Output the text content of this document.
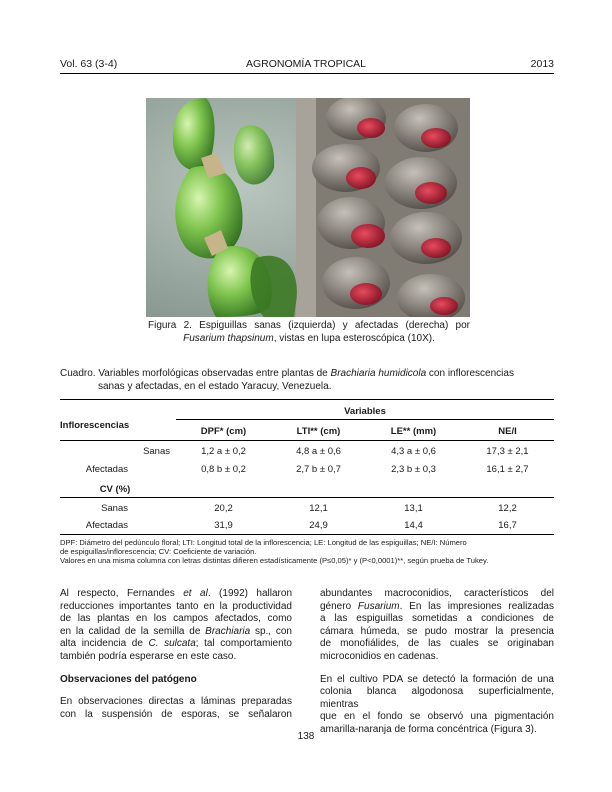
Vol. 63 (3-4)	AGRONOMÍA TROPICAL	2013
Figura 2. Espiguillas sanas (izquierda) y afectadas (derecha) por
Fusarium thapsinum, vistas en lupa esteroscópica (10X).
Cuadro. Variables morfológicas observadas entre plantas de Brachiaria humidicola con inflorescencias
sanas y afectadas, en el estado Yaracuy, Venezuela.
Inflorescencias
Variables
DPF* (cm)	LTI** (cm)	LE** (mm)	NE/I
Sanas	1,2 a ± 0,2	4,8 a ± 0,6	4,3 a ± 0,6	17,3 ± 2,1
Afectadas	0,8 b ± 0,2	2,7 b ± 0,7	2,3 b ± 0,3	16,1 ± 2,7
CV (%)
Sanas	20,2	12,1	13,1	12,2
Afectadas	31,9	24,9	14,4	16,7
DPF: Diámetro del pedúnculo floral; LTI: Longitud total de la inflorescencia; LE: Longitud de las espiguillas; NE/I: Número
de espiguillas/inflorescencia; CV: Coeficiente de variación.
Valores en una misma columna con letras distintas difieren estadísticamente (P≤0,05)* y (P<0,0001)**, según prueba de Tukey.

Al respecto, Fernandes et al. (1992) hallaron
reducciones importantes tanto en la productividad
de las plantas en los campos afectados, como
en la calidad de la semilla de Brachiaria sp., con
alta incidencia de C. sulcata; tal comportamiento
también podría esperarse en este caso.

Observaciones del patógeno

En observaciones directas a láminas preparadas
con la suspensión de esporas, se señalaron

abundantes macroconidios, característicos del
género Fusarium. En las impresiones realizadas
a las espiguillas sometidas a condiciones de
cámara húmeda, se pudo mostrar la presencia
de monofiálides, de las cuales se originaban
microconidios en cadenas.

En el cultivo PDA se detectó la formación de una
colonia blanca algodonosa superficialmente, mientras
que en el fondo se observó una pigmentación
amarilla-naranja de forma concéntrica (Figura 3).

138
